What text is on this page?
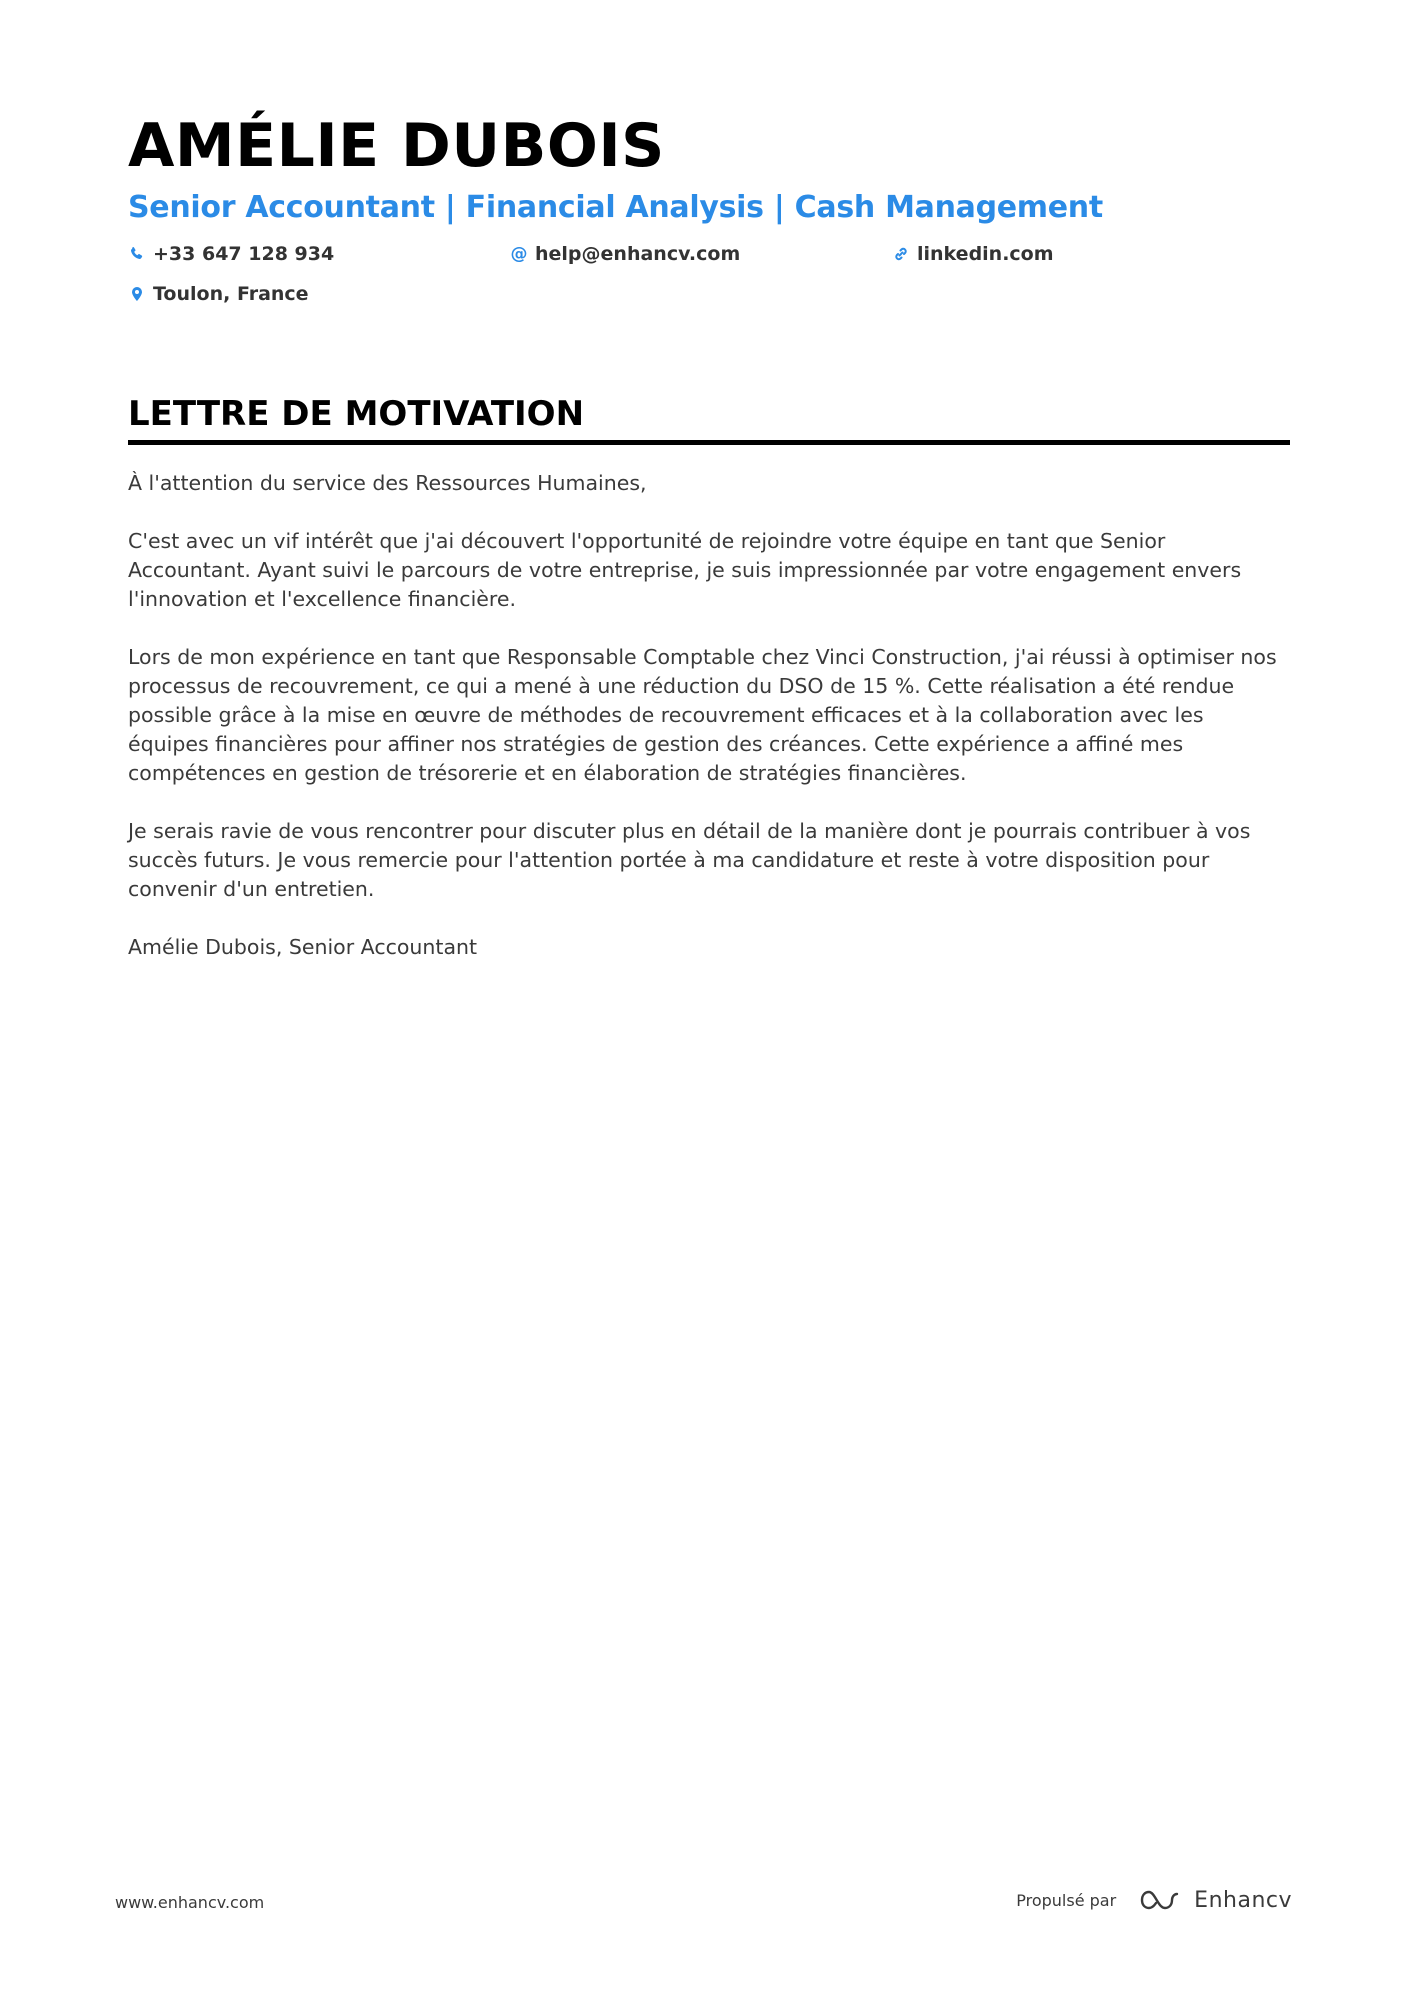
AMÉLIE DUBOIS
Senior Accountant | Financial Analysis | Cash Management
+33 647 128 934	@ help@enhancv.com	linkedin.com
Toulon, France
LETTRE DE MOTIVATION

À l'attention du service des Ressources Humaines,

C'est avec un vif intérêt que j'ai découvert l'opportunité de rejoindre votre équipe en tant que Senior Accountant. Ayant suivi le parcours de votre entreprise, je suis impressionnée par votre engagement envers l'innovation et l'excellence financière.

Lors de mon expérience en tant que Responsable Comptable chez Vinci Construction, j'ai réussi à optimiser nos processus de recouvrement, ce qui a mené à une réduction du DSO de 15 %. Cette réalisation a été rendue possible grâce à la mise en œuvre de méthodes de recouvrement efficaces et à la collaboration avec les équipes financières pour affiner nos stratégies de gestion des créances. Cette expérience a affiné mes compétences en gestion de trésorerie et en élaboration de stratégies financières.

Je serais ravie de vous rencontrer pour discuter plus en détail de la manière dont je pourrais contribuer à vos succès futurs. Je vous remercie pour l'attention portée à ma candidature et reste à votre disposition pour convenir d'un entretien.

Amélie Dubois, Senior Accountant

www.enhancv.com	Propulsé par	Enhancv
